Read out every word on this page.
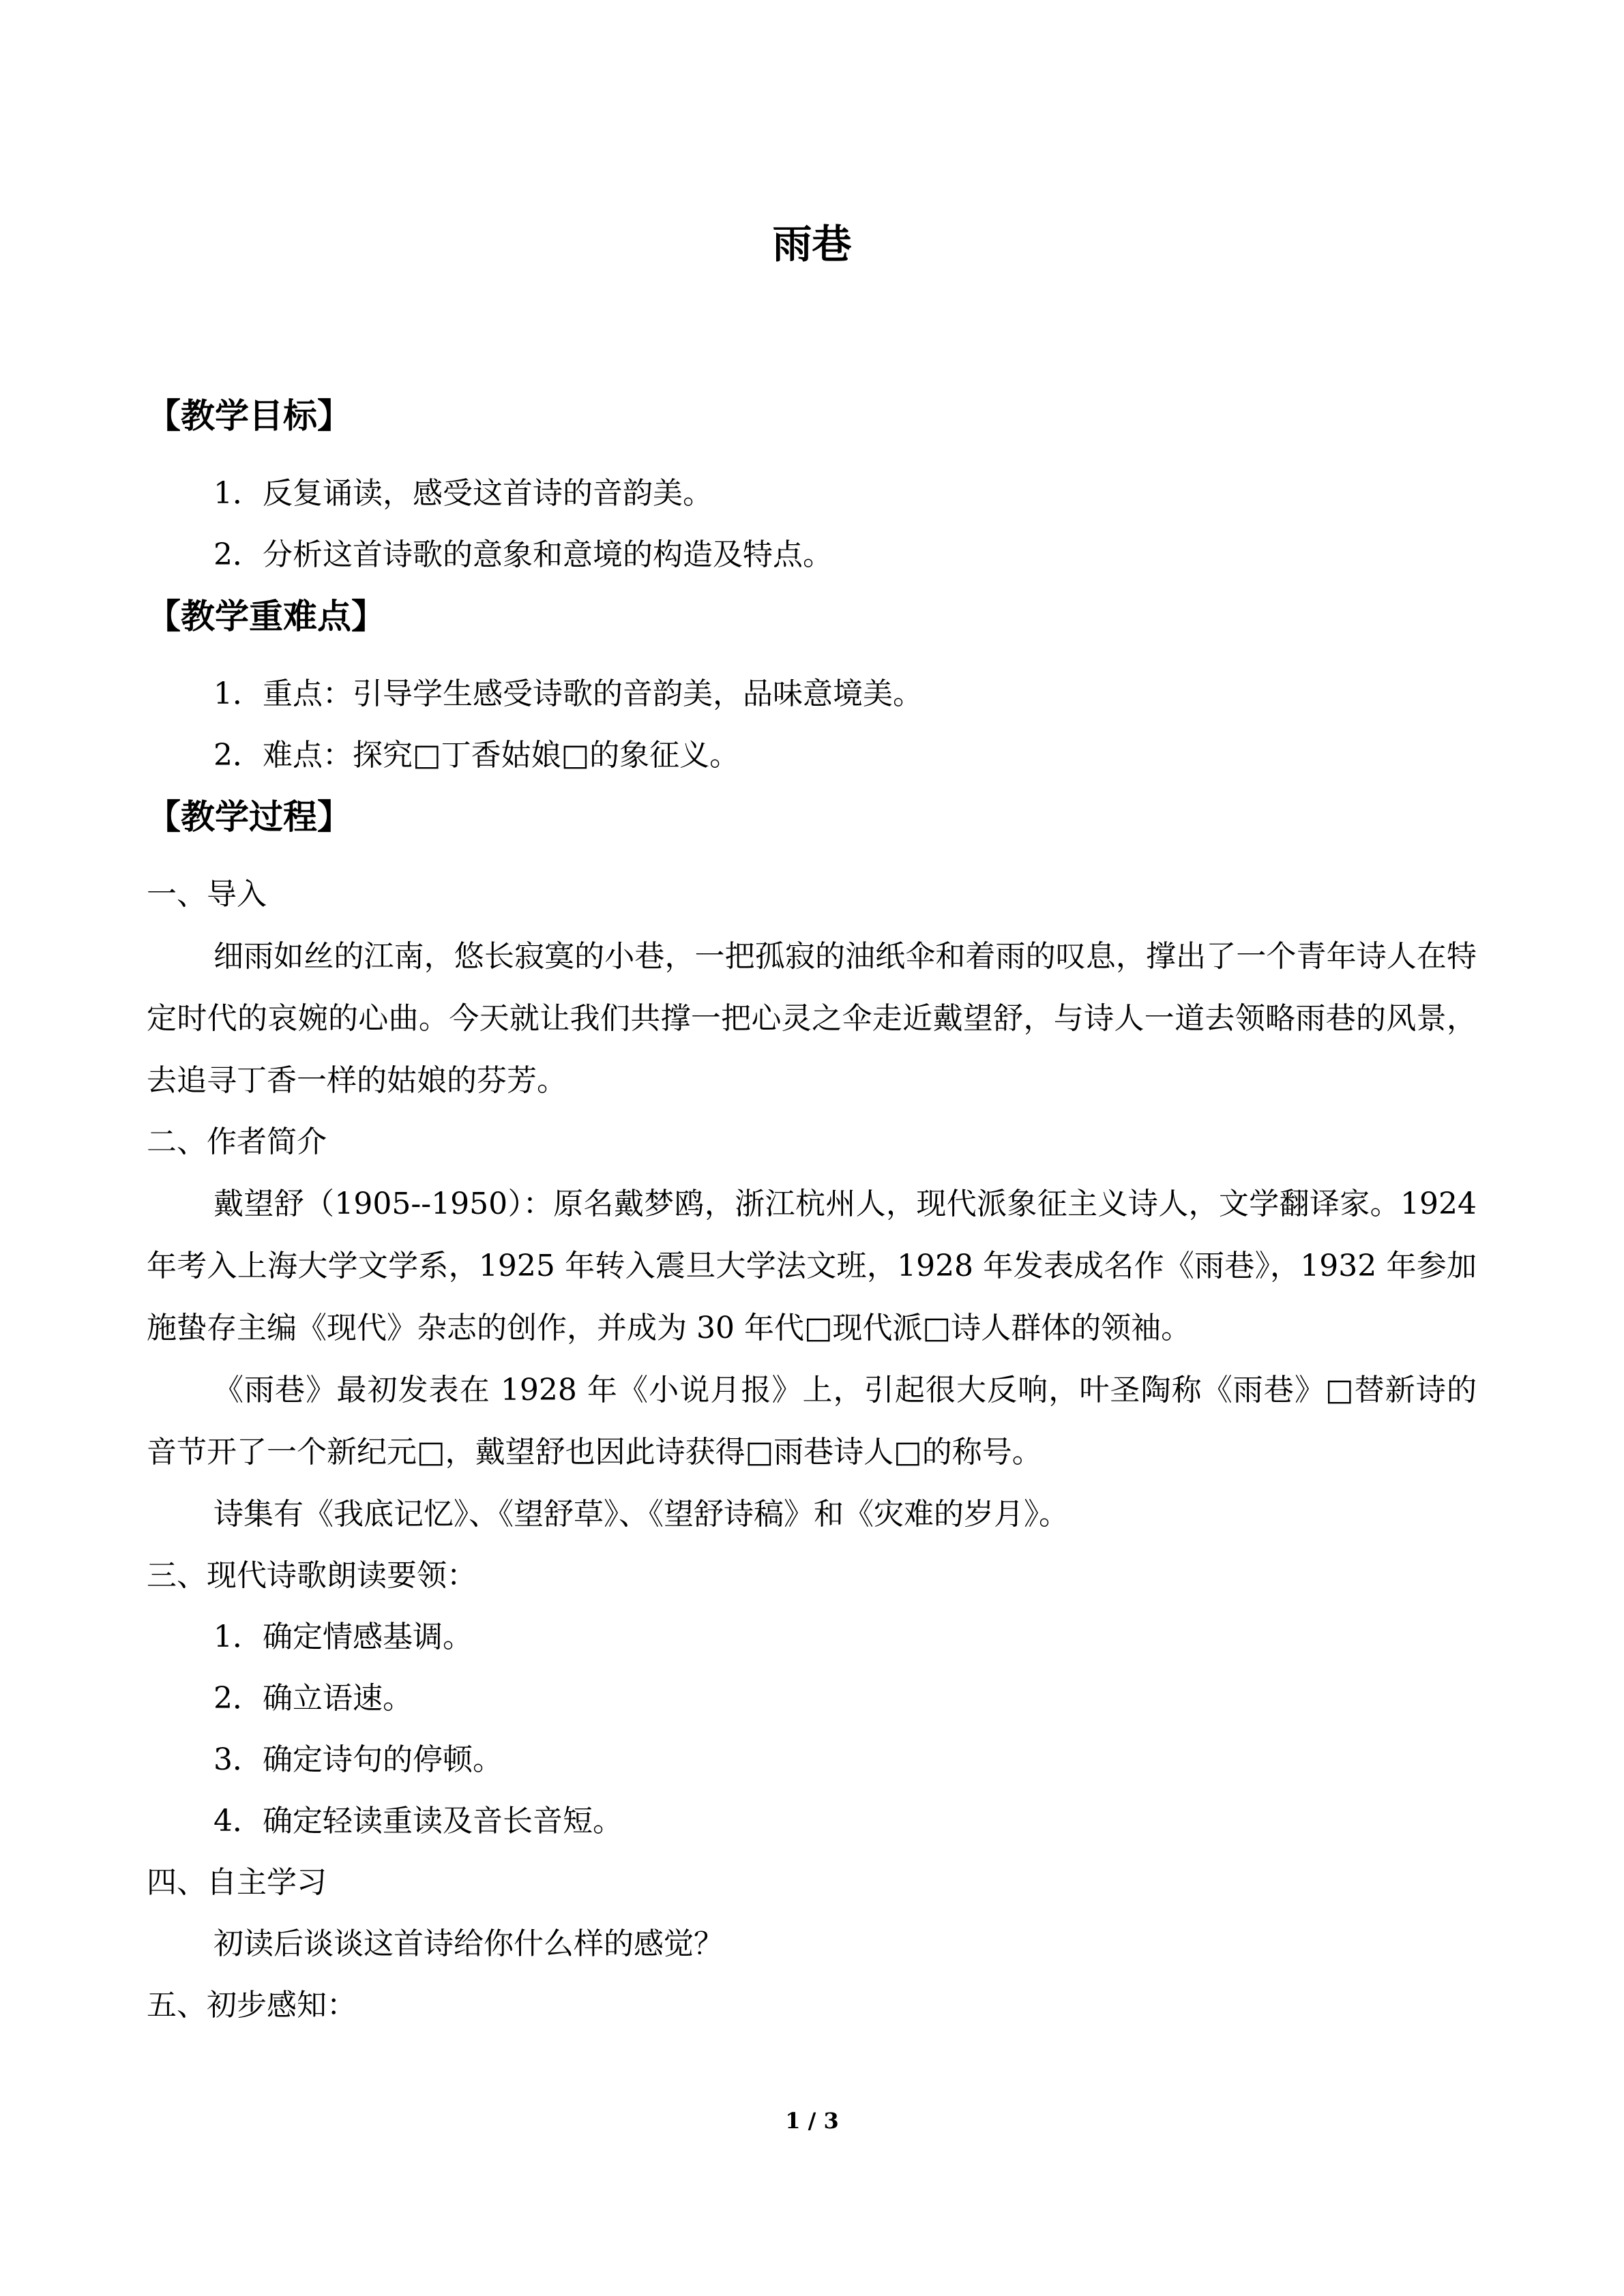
雨巷
【教学目标】

1．反复诵读，感受这首诗的音韵美。

2．分析这首诗歌的意象和意境的构造及特点。

【教学重难点】

1．重点：引导学生感受诗歌的音韵美，品味意境美。

2．难点：探究□丁香姑娘□的象征义。

【教学过程】

一、导入

细雨如丝的江南，悠长寂寞的小巷，一把孤寂的油纸伞和着雨的叹息，撑出了一个青年诗人在特定时代的哀婉的心曲。今天就让我们共撑一把心灵之伞走近戴望舒，与诗人一道去领略雨巷的风景，去追寻丁香一样的姑娘的芬芳。

二、作者简介

戴望舒（1905--1950）：原名戴梦鸥，浙江杭州人，现代派象征主义诗人，文学翻译家。1924 年考入上海大学文学系，1925 年转入震旦大学法文班，1928 年发表成名作《雨巷》，1932 年参加施蛰存主编《现代》杂志的创作，并成为 30 年代□现代派□诗人群体的领袖。

《雨巷》最初发表在 1928 年《小说月报》上，引起很大反响，叶圣陶称《雨巷》□替新诗的音节开了一个新纪元□，戴望舒也因此诗获得□雨巷诗人□的称号。

诗集有《我底记忆》、《望舒草》、《望舒诗稿》和《灾难的岁月》。

三、现代诗歌朗读要领：

1．确定情感基调。

2．确立语速。

3．确定诗句的停顿。

4．确定轻读重读及音长音短。

四、自主学习

初读后谈谈这首诗给你什么样的感觉？

五、初步感知：

1 / 3
